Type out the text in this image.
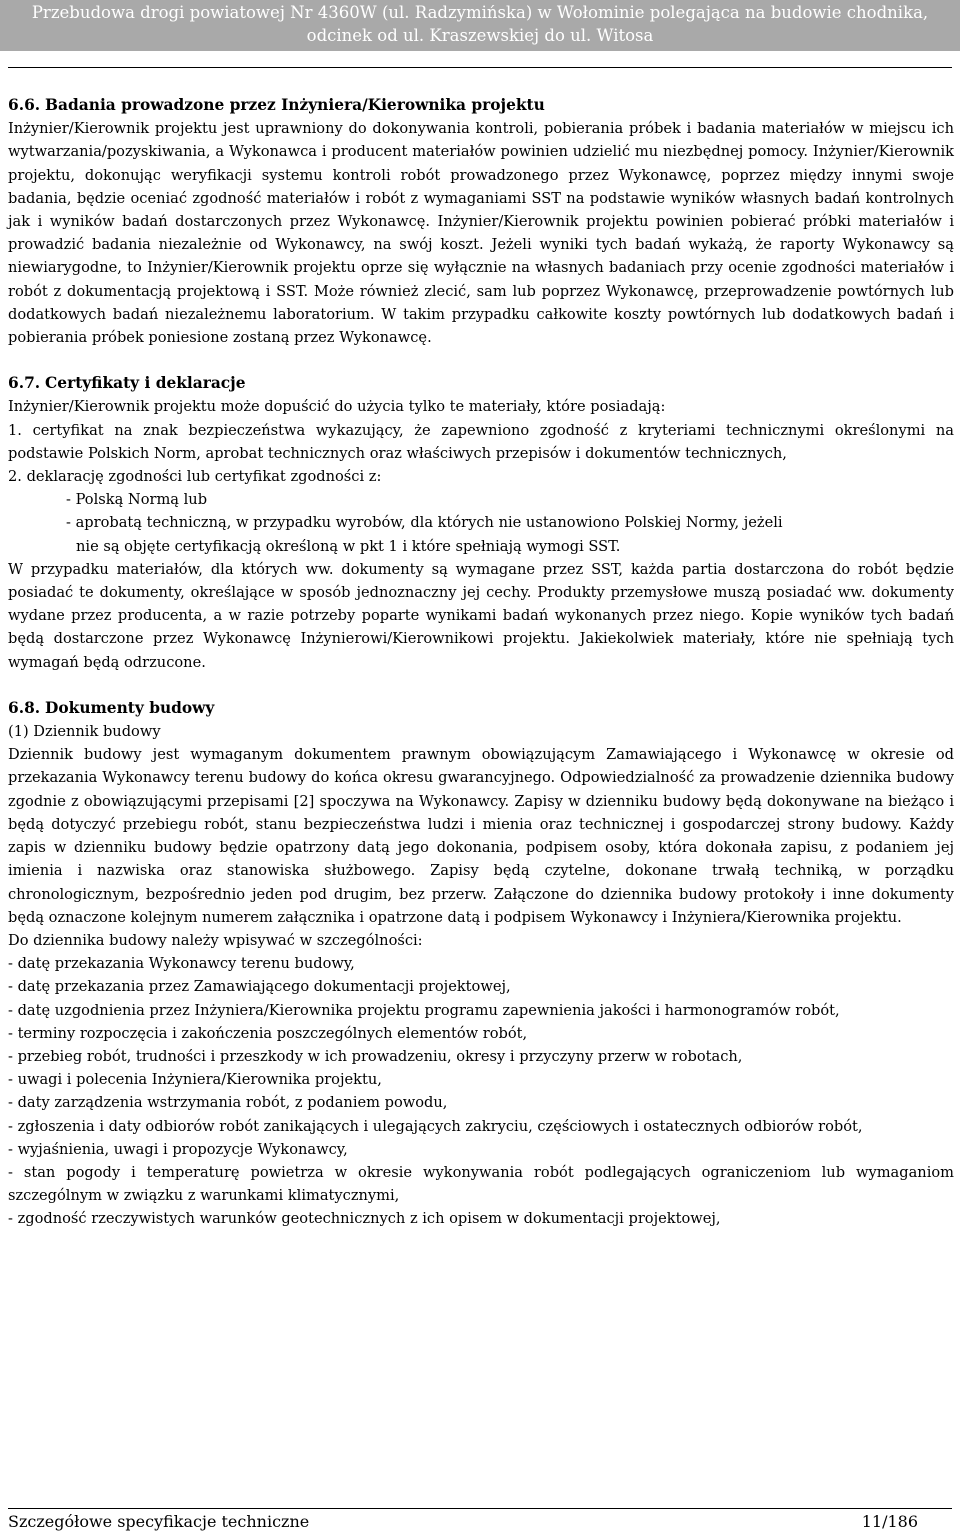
Przebudowa drogi powiatowej Nr 4360W (ul. Radzymińska) w Wołominie polegająca na budowie chodnika,
odcinek od ul. Kraszewskiej do ul. Witosa
6.6. Badania prowadzone przez Inżyniera/Kierownika projektu

Inżynier/Kierownik projektu jest uprawniony do dokonywania kontroli, pobierania próbek i badania materiałów w miejscu ich wytwarzania/pozyskiwania, a Wykonawca i producent materiałów powinien udzielić mu niezbędnej pomocy. Inżynier/Kierownik projektu, dokonując weryfikacji systemu kontroli robót prowadzonego przez Wykonawcę, poprzez między innymi swoje badania, będzie oceniać zgodność materiałów i robót z wymaganiami SST na podstawie wyników własnych badań kontrolnych jak i wyników badań dostarczonych przez Wykonawcę. Inżynier/Kierownik projektu powinien pobierać próbki materiałów i prowadzić badania niezależnie od Wykonawcy, na swój koszt. Jeżeli wyniki tych badań wykażą, że raporty Wykonawcy są niewiarygodne, to Inżynier/Kierownik projektu oprze się wyłącznie na własnych badaniach przy ocenie zgodności materiałów i robót z dokumentacją projektową i SST. Może również zlecić, sam lub poprzez Wykonawcę, przeprowadzenie powtórnych lub dodatkowych badań niezależnemu laboratorium. W takim przypadku całkowite koszty powtórnych lub dodatkowych badań i pobierania próbek poniesione zostaną przez Wykonawcę.

6.7. Certyfikaty i deklaracje

Inżynier/Kierownik projektu może dopuścić do użycia tylko te materiały, które posiadają:

1. certyfikat na znak bezpieczeństwa wykazujący, że zapewniono zgodność z kryteriami technicznymi określonymi na podstawie Polskich Norm, aprobat technicznych oraz właściwych przepisów i dokumentów technicznych,

2. deklarację zgodności lub certyfikat zgodności z:

- Polską Normą lub

- aprobatą techniczną, w przypadku wyrobów, dla których nie ustanowiono Polskiej Normy, jeżeli

nie są objęte certyfikacją określoną w pkt 1 i które spełniają wymogi SST.

W przypadku materiałów, dla których ww. dokumenty są wymagane przez SST, każda partia dostarczona do robót będzie posiadać te dokumenty, określające w sposób jednoznaczny jej cechy. Produkty przemysłowe muszą posiadać ww. dokumenty wydane przez producenta, a w razie potrzeby poparte wynikami badań wykonanych przez niego. Kopie wyników tych badań będą dostarczone przez Wykonawcę Inżynierowi/Kierownikowi projektu. Jakiekolwiek materiały, które nie spełniają tych wymagań będą odrzucone.

6.8. Dokumenty budowy

(1) Dziennik budowy

Dziennik budowy jest wymaganym dokumentem prawnym obowiązującym Zamawiającego i Wykonawcę w okresie od przekazania Wykonawcy terenu budowy do końca okresu gwarancyjnego. Odpowiedzialność za prowadzenie dziennika budowy zgodnie z obowiązującymi przepisami [2] spoczywa na Wykonawcy. Zapisy w dzienniku budowy będą dokonywane na bieżąco i będą dotyczyć przebiegu robót, stanu bezpieczeństwa ludzi i mienia oraz technicznej i gospodarczej strony budowy. Każdy zapis w dzienniku budowy będzie opatrzony datą jego dokonania, podpisem osoby, która dokonała zapisu, z podaniem jej imienia i nazwiska oraz stanowiska służbowego. Zapisy będą czytelne, dokonane trwałą techniką, w porządku chronologicznym, bezpośrednio jeden pod drugim, bez przerw. Załączone do dziennika budowy protokoły i inne dokumenty będą oznaczone kolejnym numerem załącznika i opatrzone datą i podpisem Wykonawcy i Inżyniera/Kierownika projektu.

Do dziennika budowy należy wpisywać w szczególności:

- datę przekazania Wykonawcy terenu budowy,
- datę przekazania przez Zamawiającego dokumentacji projektowej,
- datę uzgodnienia przez Inżyniera/Kierownika projektu programu zapewnienia jakości i harmonogramów robót,
- terminy rozpoczęcia i zakończenia poszczególnych elementów robót,
- przebieg robót, trudności i przeszkody w ich prowadzeniu, okresy i przyczyny przerw w robotach,
- uwagi i polecenia Inżyniera/Kierownika projektu,
- daty zarządzenia wstrzymania robót, z podaniem powodu,
- zgłoszenia i daty odbiorów robót zanikających i ulegających zakryciu, częściowych i ostatecznych odbiorów robót,
- wyjaśnienia, uwagi i propozycje Wykonawcy,
- stan pogody i temperaturę powietrza w okresie wykonywania robót podlegających ograniczeniom lub wymaganiom szczególnym w związku z warunkami klimatycznymi,
- zgodność rzeczywistych warunków geotechnicznych z ich opisem w dokumentacji projektowej,
Szczegółowe specyfikacje techniczne	11/186
